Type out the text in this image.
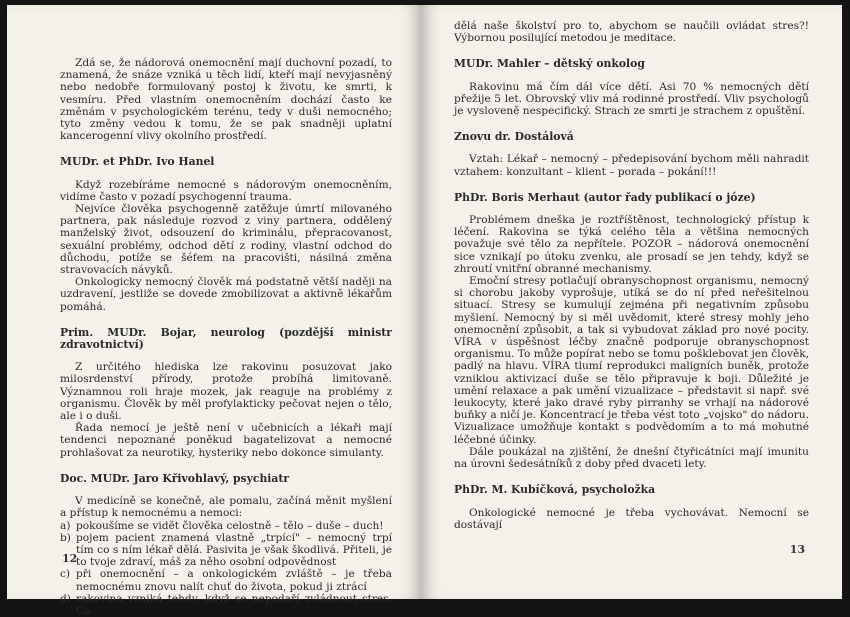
Zdá se, že nádorová onemocnění mají duchovní pozadí, to znamená, že snáze vzniká u těch lidí, kteří mají nevyjasněný nebo nedobře formulovaný postoj k životu, ke smrti, k vesmíru. Před vlastním onemocněním dochází často ke změnám v psychologickém terénu, tedy v duši nemocného; tyto změny vedou k tomu, že se pak snadněji uplatní kancerogenní vlivy okolního prostředí.

MUDr. et PhDr. Ivo Hanel

Když rozebíráme nemocné s nádorovým onemocněním, vidíme často v pozadí psychogenní trauma.

Nejvíce člověka psychogenně zatěžuje úmrtí milovaného partnera, pak následuje rozvod z viny partnera, oddělený manželský život, odsouzení do kriminálu, přepracovanost, sexuální problémy, odchod dětí z rodiny, vlastní odchod do důchodu, potíže se šéfem na pracovišti, násilná změna stravovacích návyků.

Onkologicky nemocný člověk má podstatně větší naději na uzdravení, jestliže se dovede zmobilizovat a aktivně lékařům pomáhá.

Prim. MUDr. Bojar, neurolog (pozdější ministr zdravotnictví)

Z určitého hlediska lze rakovinu posuzovat jako milosrdenství přírody, protože probíhá limitovaně. Významnou roli hraje mozek, jak reaguje na problémy z organismu. Člověk by měl profylakticky pečovat nejen o tělo, ale i o duši.

Řada nemocí je ještě není v učebnicích a lékaři mají tendenci nepoznané poněkud bagatelizovat a nemocné prohlašovat za neurotiky, hysteriky nebo dokonce simulanty.

Doc. MUDr. Jaro Křivohlavý, psychiatr

V medicíně se konečně, ale pomalu, začíná měnit myšlení a přístup k nemocnému a nemoci:

a) pokoušíme se vidět člověka celostně – tělo – duše – duch!
b) pojem pacient znamená vlastně „trpící" – nemocný trpí tím co s ním lékař dělá. Pasivita je však škodlivá. Přiteli, je to tvoje zdraví, máš za něho osobní odpovědnost
c) při onemocnění – a onkologickém zvláště – je třeba nemocnému znovu nalít chuť do života, pokud ji ztrácí
d) rakovina vzniká tehdy, když se nepodaří zvládnout stres. Co
12

dělá naše školství pro to, abychom se naučili ovládat stres?! Výbornou posilující metodou je meditace.

MUDr. Mahler – dětský onkolog

Rakovinu má čím dál více dětí. Asi 70 % nemocných dětí přežije 5 let. Obrovský vliv má rodinné prostředí. Vliv psychologů je vysloveně nespecifický. Strach ze smrti je strachem z opuštění.

Znovu dr. Dostálová

Vztah: Lékař – nemocný – předepisování bychom měli nahradit vztahem: konzultant – klient – porada – pokání!!!

PhDr. Boris Merhaut (autor řady publikací o józe)

Problémem dneška je roztříštěnost, technologický přístup k léčení. Rakovina se týká celého těla a většina nemocných považuje své tělo za nepřítele. POZOR – nádorová onemocnění sice vznikají po útoku zvenku, ale prosadí se jen tehdy, když se zhroutí vnitřní obranné mechanismy.

Emoční stresy potlačují obranyschopnost organismu, nemocný si chorobu jakoby vyprošuje, utíká se do ní před neřešitelnou situací. Stresy se kumulují zejména při negativním způsobu myšlení. Nemocný by si měl uvědomit, které stresy mohly jeho onemocnění způsobit, a tak si vybudovat základ pro nové pocity. VÍRA v úspěšnost léčby značně podporuje obranyschopnost organismu. To může popírat nebo se tomu pošklebovat jen člověk, padlý na hlavu. VÍRA tlumí reprodukci maligních buněk, protože vzniklou aktivizací duše se tělo připravuje k boji. Důležité je umění relaxace a pak umění vizualizace – představit si např. své leukocyty, které jako dravé ryby pirranhy se vrhají na nádorové buňky a ničí je. Koncentrací je třeba vést toto „vojsko" do nádoru. Vizualizace umožňuje kontakt s podvědomím a to má mohutné léčebné účinky.

Dále poukázal na zjištění, že dnešní čtyřicátníci mají imunitu na úrovni šedesátníků z doby před dvaceti lety.

PhDr. M. Kubíčková, psycholožka

Onkologické nemocné je třeba vychovávat. Nemocní se dostávají

13
